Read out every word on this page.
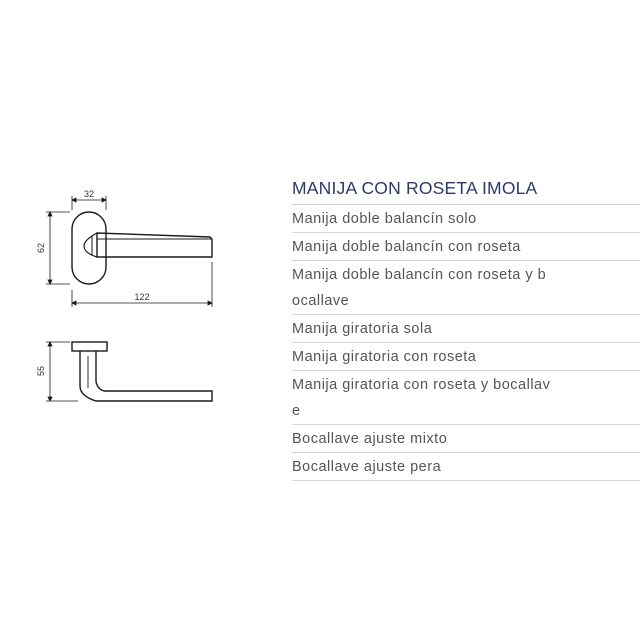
32
62
122
55
MANIJA CON ROSETA IMOLA
Manija doble balancín solo
Manija doble balancín con roseta
Manija doble balancín con roseta y b
ocallave
Manija giratoria sola
Manija giratoria con roseta
Manija giratoria con roseta y bocallav
e
Bocallave ajuste mixto
Bocallave ajuste pera
